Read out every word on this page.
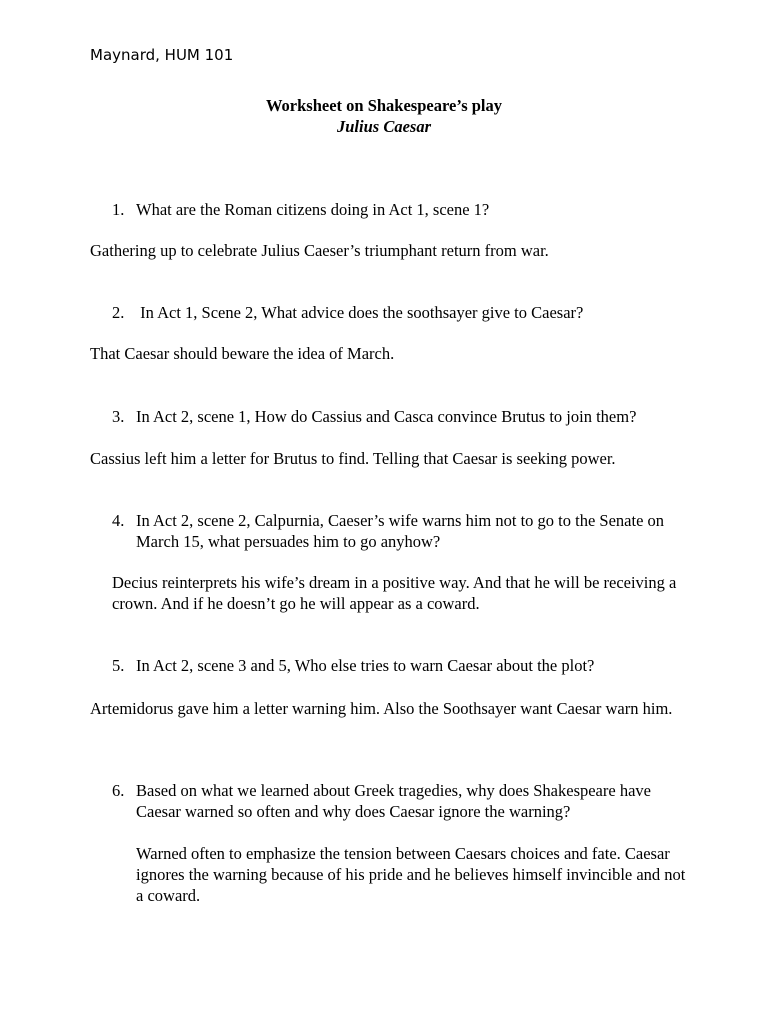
Maynard, HUM 101
Worksheet on Shakespeare’s play
Julius Caesar
1. What are the Roman citizens doing in Act 1, scene 1?
Gathering up to celebrate Julius Caeser’s triumphant return from war.
2. In Act 1, Scene 2, What advice does the soothsayer give to Caesar?
That Caesar should beware the idea of March.
3. In Act 2, scene 1, How do Cassius and Casca convince Brutus to join them?
Cassius left him a letter for Brutus to find. Telling that Caesar is seeking power.
4. In Act 2, scene 2, Calpurnia, Caeser’s wife warns him not to go to the Senate on March 15, what persuades him to go anyhow?
Decius reinterprets his wife’s dream in a positive way. And that he will be receiving a crown. And if he doesn’t go he will appear as a coward.
5. In Act 2, scene 3 and 5, Who else tries to warn Caesar about the plot?
Artemidorus gave him a letter warning him. Also the Soothsayer want Caesar warn him.
6. Based on what we learned about Greek tragedies, why does Shakespeare have Caesar warned so often and why does Caesar ignore the warning?
Warned often to emphasize the tension between Caesars choices and fate. Caesar ignores the warning because of his pride and he believes himself invincible and not a coward.
